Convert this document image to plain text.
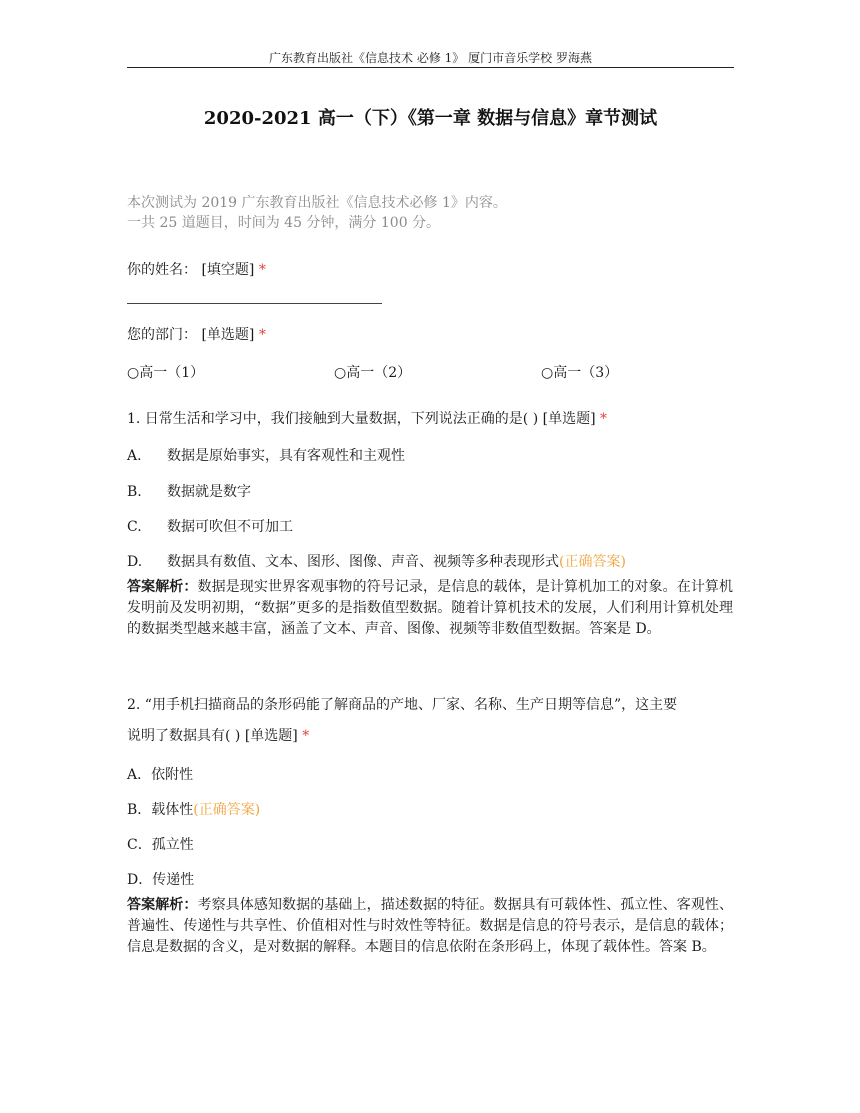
广东教育出版社《信息技术 必修 1》 厦门市音乐学校 罗海燕
2020-2021 高一（下）《第一章 数据与信息》章节测试
本次测试为 2019 广东教育出版社《信息技术必修 1》内容。
一共 25 道题目，时间为 45 分钟，满分 100 分。
你的姓名： [填空题] *
您的部门： [单选题] *
○高一（1）	○高一（2）	○高一（3）
1. 日常生活和学习中，我们接触到大量数据，下列说法正确的是( ) [单选题] *
A. 数据是原始事实，具有客观性和主观性
B. 数据就是数字
C. 数据可吹但不可加工
D. 数据具有数值、文本、图形、图像、声音、视频等多种表现形式(正确答案)
答案解析：数据是现实世界客观事物的符号记录，是信息的载体，是计算机加工的对象。在计算机发明前及发明初期，“数据”更多的是指数值型数据。随着计算机技术的发展，人们利用计算机处理的数据类型越来越丰富，涵盖了文本、声音、图像、视频等非数值型数据。答案是 D。
2. “用手机扫描商品的条形码能了解商品的产地、厂家、名称、生产日期等信息”，这主要
说明了数据具有( ) [单选题] *
A．依附性
B．载体性(正确答案)
C．孤立性
D．传递性
答案解析：考察具体感知数据的基础上，描述数据的特征。数据具有可载体性、孤立性、客观性、普遍性、传递性与共享性、价值相对性与时效性等特征。数据是信息的符号表示，是信息的载体；信息是数据的含义，是对数据的解释。本题目的信息依附在条形码上，体现了载体性。答案 B。
